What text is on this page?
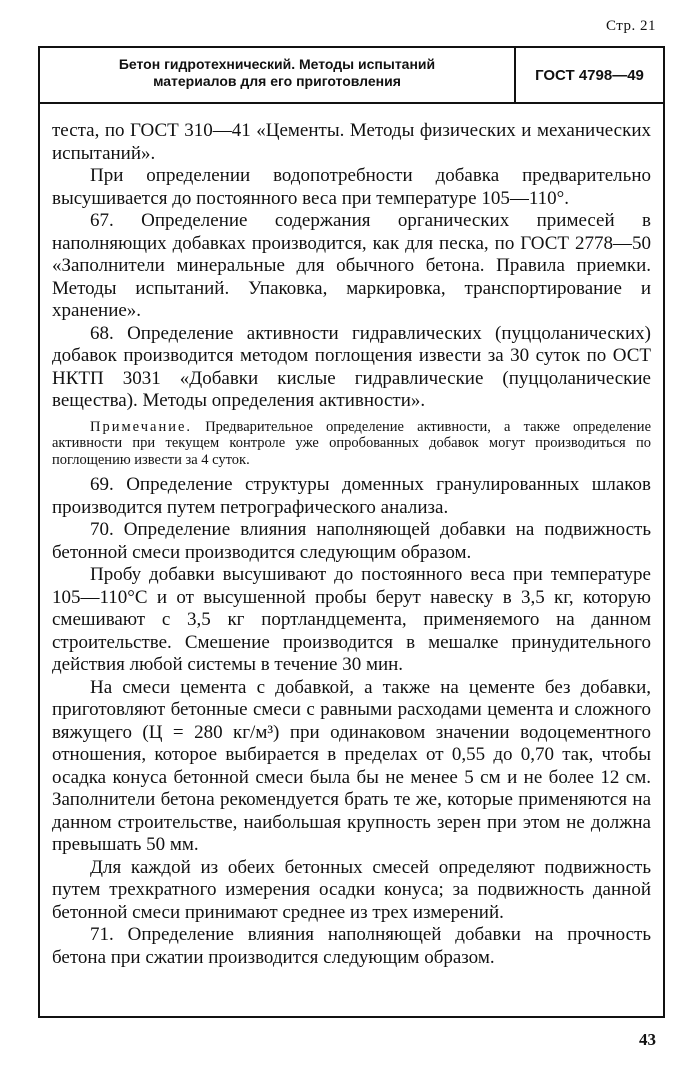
Стр. 21
Бетон гидротехнический. Методы испытаний
материалов для его приготовления	ГОСТ 4798—49

теста, по ГОСТ 310—41 «Цементы. Методы физических и механических испытаний».

При определении водопотребности добавка предварительно высушивается до постоянного веса при температуре 105—110°.

67. Определение содержания органических примесей в наполняющих добавках производится, как для песка, по ГОСТ 2778—50 «Заполнители минеральные для обычного бетона. Правила приемки. Методы испытаний. Упаковка, маркировка, транспортирование и хранение».

68. Определение активности гидравлических (пуццоланических) добавок производится методом поглощения извести за 30 суток по ОСТ НКТП 3031 «Добавки кислые гидравлические (пуццоланические вещества). Методы определения активности».

Примечание. Предварительное определение активности, а также определение активности при текущем контроле уже опробованных добавок могут производиться по поглощению извести за 4 суток.

69. Определение структуры доменных гранулированных шлаков производится путем петрографического анализа.

70. Определение влияния наполняющей добавки на подвижность бетонной смеси производится следующим образом.

Пробу добавки высушивают до постоянного веса при температуре 105—110°С и от высушенной пробы берут навеску в 3,5 кг, которую смешивают с 3,5 кг портландцемента, применяемого на данном строительстве. Смешение производится в мешалке принудительного действия любой системы в течение 30 мин.

На смеси цемента с добавкой, а также на цементе без добавки, приготовляют бетонные смеси с равными расходами цемента и сложного вяжущего (Ц = 280 кг/м³) при одинаковом значении водоцементного отношения, которое выбирается в пределах от 0,55 до 0,70 так, чтобы осадка конуса бетонной смеси была бы не менее 5 см и не более 12 см. Заполнители бетона рекомендуется брать те же, которые применяются на данном строительстве, наибольшая крупность зерен при этом не должна превышать 50 мм.

Для каждой из обеих бетонных смесей определяют подвижность путем трехкратного измерения осадки конуса; за подвижность данной бетонной смеси принимают среднее из трех измерений.

71. Определение влияния наполняющей добавки на прочность бетона при сжатии производится следующим образом.

43
